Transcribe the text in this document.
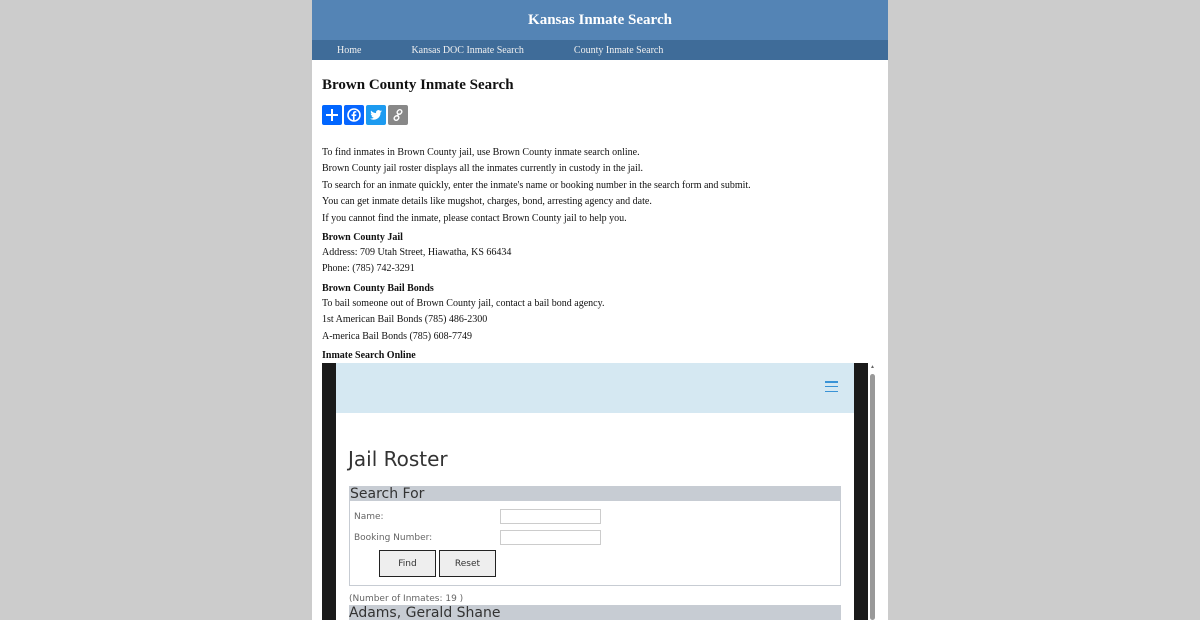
Kansas Inmate Search
Home	Kansas DOC Inmate Search	County Inmate Search
Brown County Inmate Search
To find inmates in Brown County jail, use Brown County inmate search online.
Brown County jail roster displays all the inmates currently in custody in the jail.
To search for an inmate quickly, enter the inmate's name or booking number in the search form and submit.
You can get inmate details like mugshot, charges, bond, arresting agency and date.
If you cannot find the inmate, please contact Brown County jail to help you.
Brown County Jail
Address: 709 Utah Street, Hiawatha, KS 66434
Phone: (785) 742-3291
Brown County Bail Bonds
To bail someone out of Brown County jail, contact a bail bond agency.
1st American Bail Bonds (785) 486-2300
A-merica Bail Bonds (785) 608-7749
Inmate Search Online
Jail Roster
Search For
Name:
Booking Number:
Find	Reset
(Number of Inmates: 19 )
Adams, Gerald Shane
▲
